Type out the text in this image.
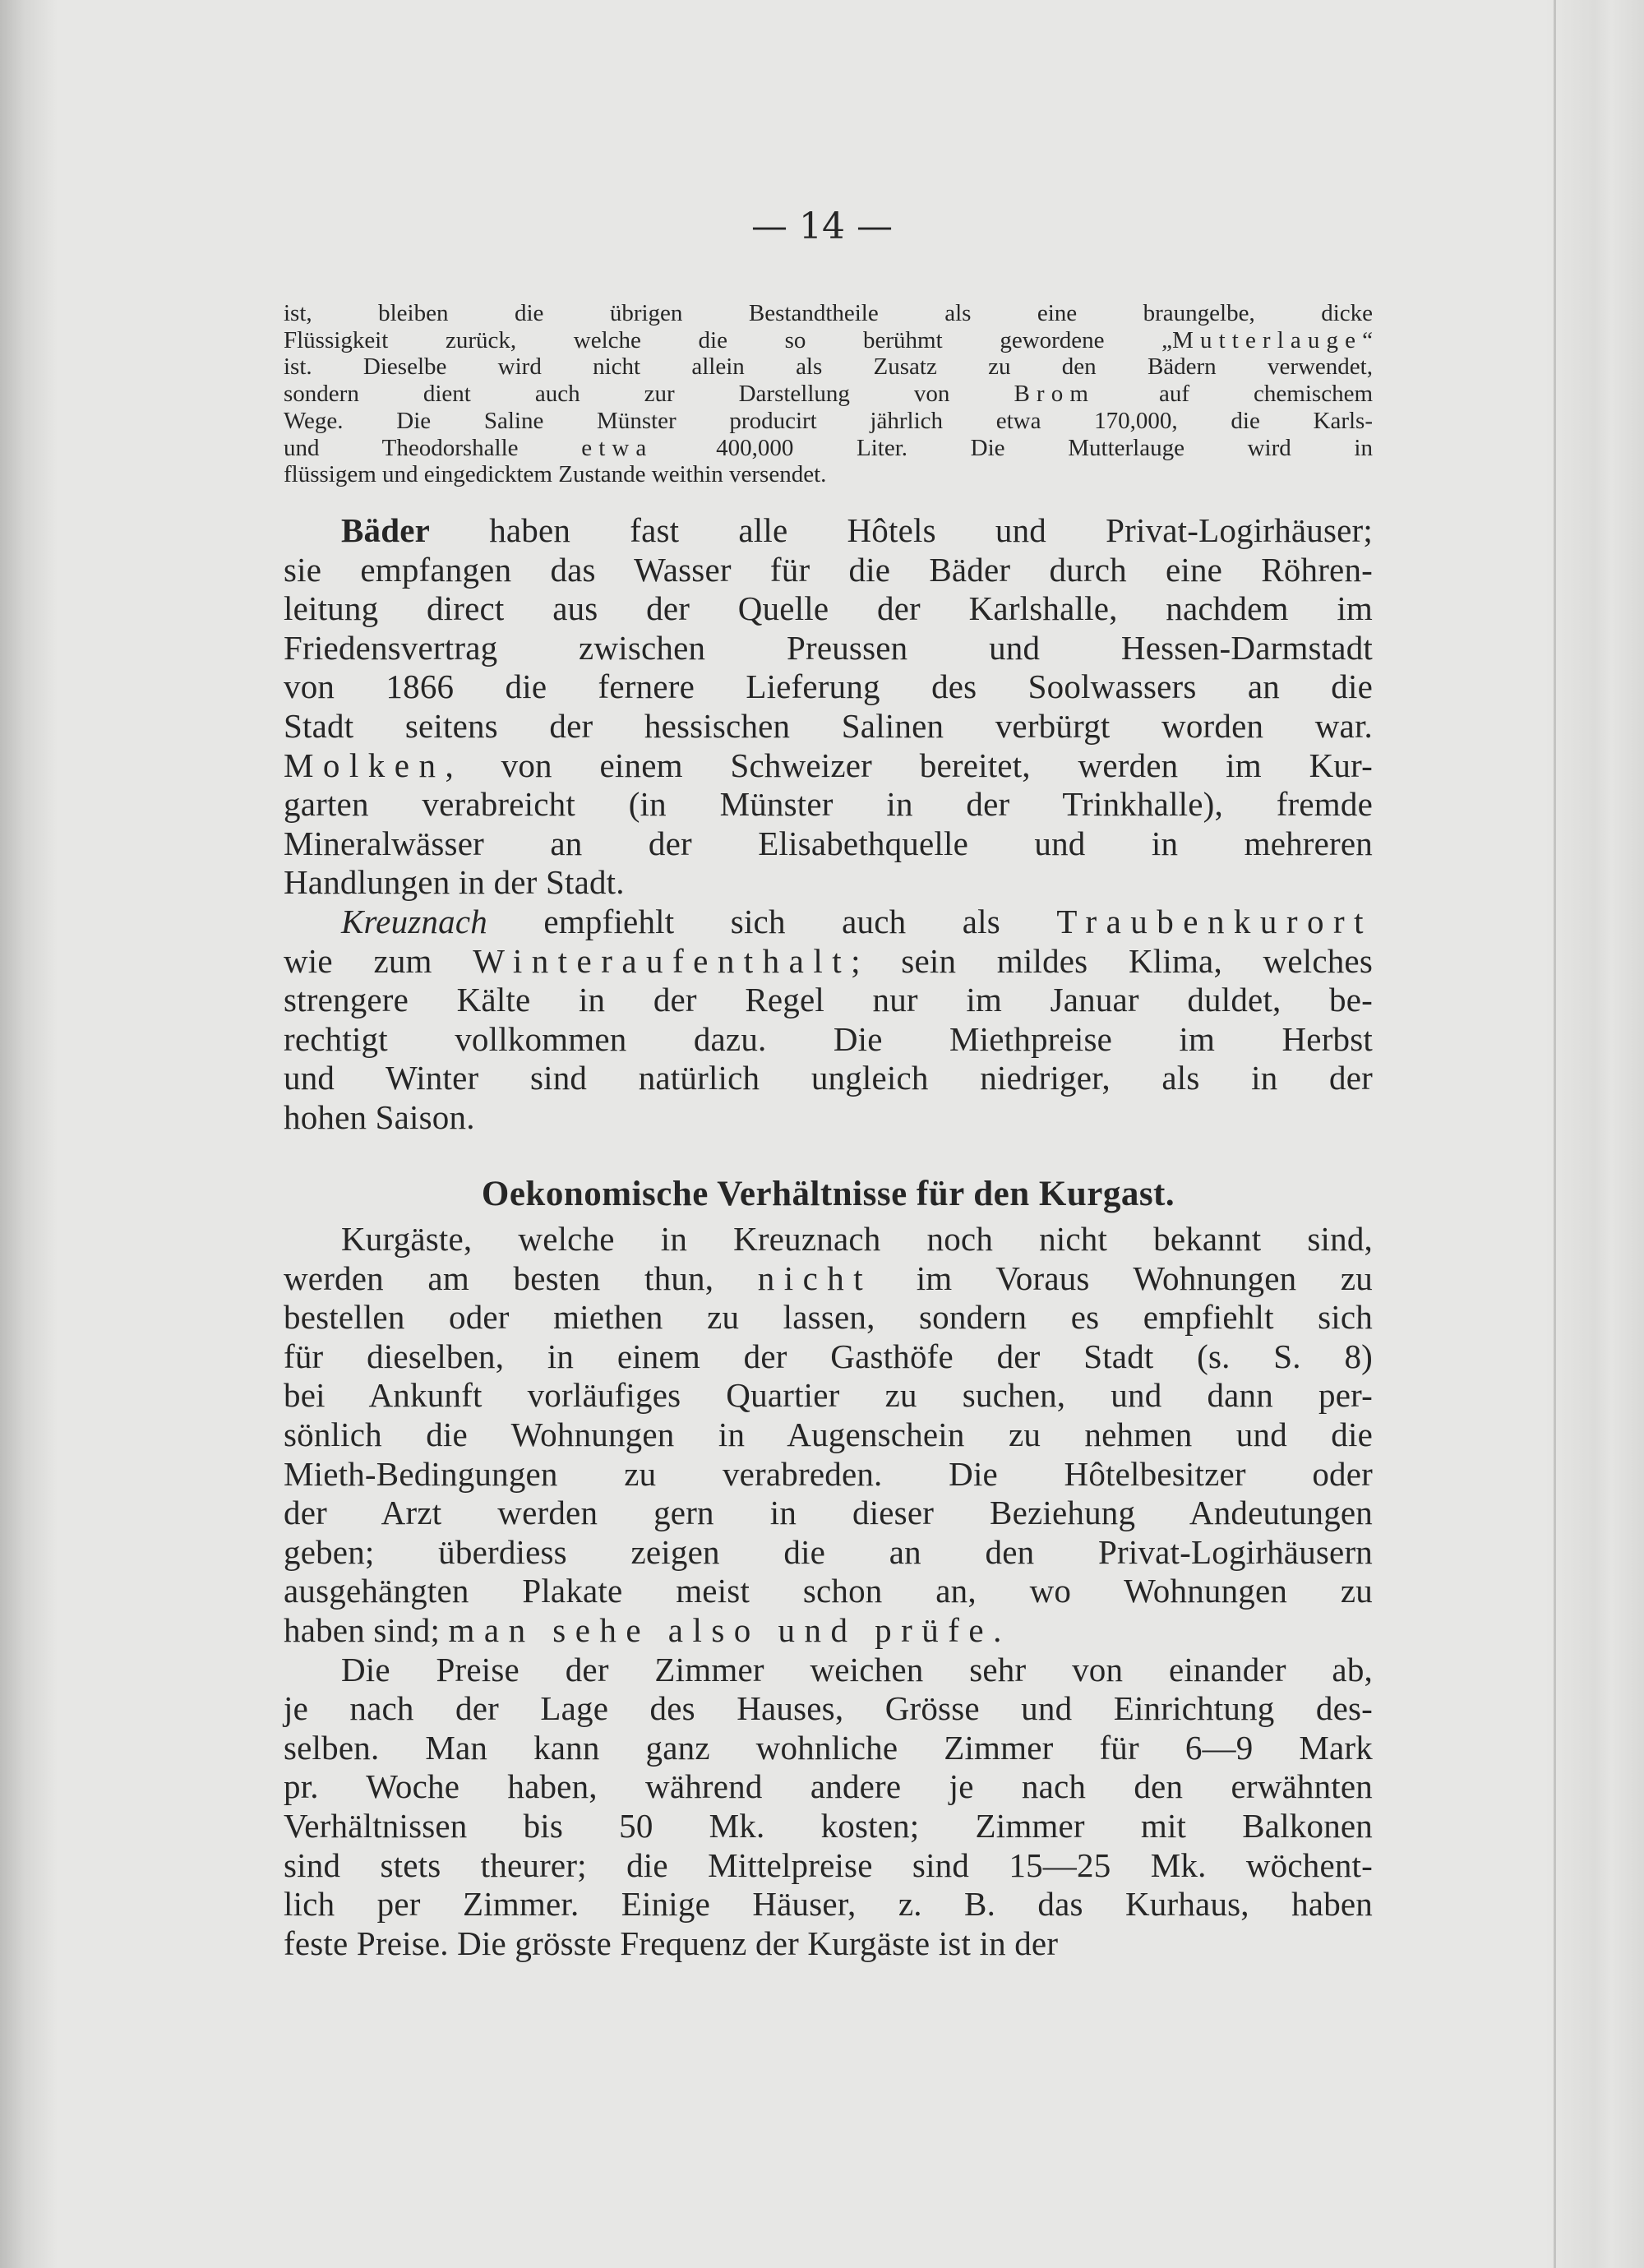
— 14 —
ist, bleiben die übrigen Bestandtheile als eine braungelbe, dicke
Flüssigkeit zurück, welche die so berühmt gewordene „Mutterlauge“
ist. Dieselbe wird nicht allein als Zusatz zu den Bädern verwendet,
sondern dient auch zur Darstellung von Brom auf chemischem
Wege. Die Saline Münster producirt jährlich etwa 170,000, die Karls-
und Theodorshalle etwa 400,000 Liter. Die Mutterlauge wird in
flüssigem und eingedicktem Zustande weithin versendet.
Bäder haben fast alle Hôtels und Privat-Logirhäuser;
sie empfangen das Wasser für die Bäder durch eine Röhren-
leitung direct aus der Quelle der Karlshalle, nachdem im
Friedensvertrag zwischen Preussen und Hessen-Darmstadt
von 1866 die fernere Lieferung des Soolwassers an die
Stadt seitens der hessischen Salinen verbürgt worden war.
Molken, von einem Schweizer bereitet, werden im Kur-
garten verabreicht (in Münster in der Trinkhalle), fremde
Mineralwässer an der Elisabethquelle und in mehreren
Handlungen in der Stadt.
Kreuznach empfiehlt sich auch als Traubenkurort
wie zum Winteraufenthalt; sein mildes Klima, welches
strengere Kälte in der Regel nur im Januar duldet, be-
rechtigt vollkommen dazu. Die Miethpreise im Herbst
und Winter sind natürlich ungleich niedriger, als in der
hohen Saison.
Oekonomische Verhältnisse für den Kurgast.
Kurgäste, welche in Kreuznach noch nicht bekannt sind,
werden am besten thun, nicht im Voraus Wohnungen zu
bestellen oder miethen zu lassen, sondern es empfiehlt sich
für dieselben, in einem der Gasthöfe der Stadt (s. S. 8)
bei Ankunft vorläufiges Quartier zu suchen, und dann per-
sönlich die Wohnungen in Augenschein zu nehmen und die
Mieth-Bedingungen zu verabreden. Die Hôtelbesitzer oder
der Arzt werden gern in dieser Beziehung Andeutungen
geben; überdiess zeigen die an den Privat-Logirhäusern
ausgehängten Plakate meist schon an, wo Wohnungen zu
haben sind; man sehe also und prüfe.
Die Preise der Zimmer weichen sehr von einander ab,
je nach der Lage des Hauses, Grösse und Einrichtung des-
selben. Man kann ganz wohnliche Zimmer für 6—9 Mark
pr. Woche haben, während andere je nach den erwähnten
Verhältnissen bis 50 Mk. kosten; Zimmer mit Balkonen
sind stets theurer; die Mittelpreise sind 15—25 Mk. wöchent-
lich per Zimmer. Einige Häuser, z. B. das Kurhaus, haben
feste Preise. Die grösste Frequenz der Kurgäste ist in der
